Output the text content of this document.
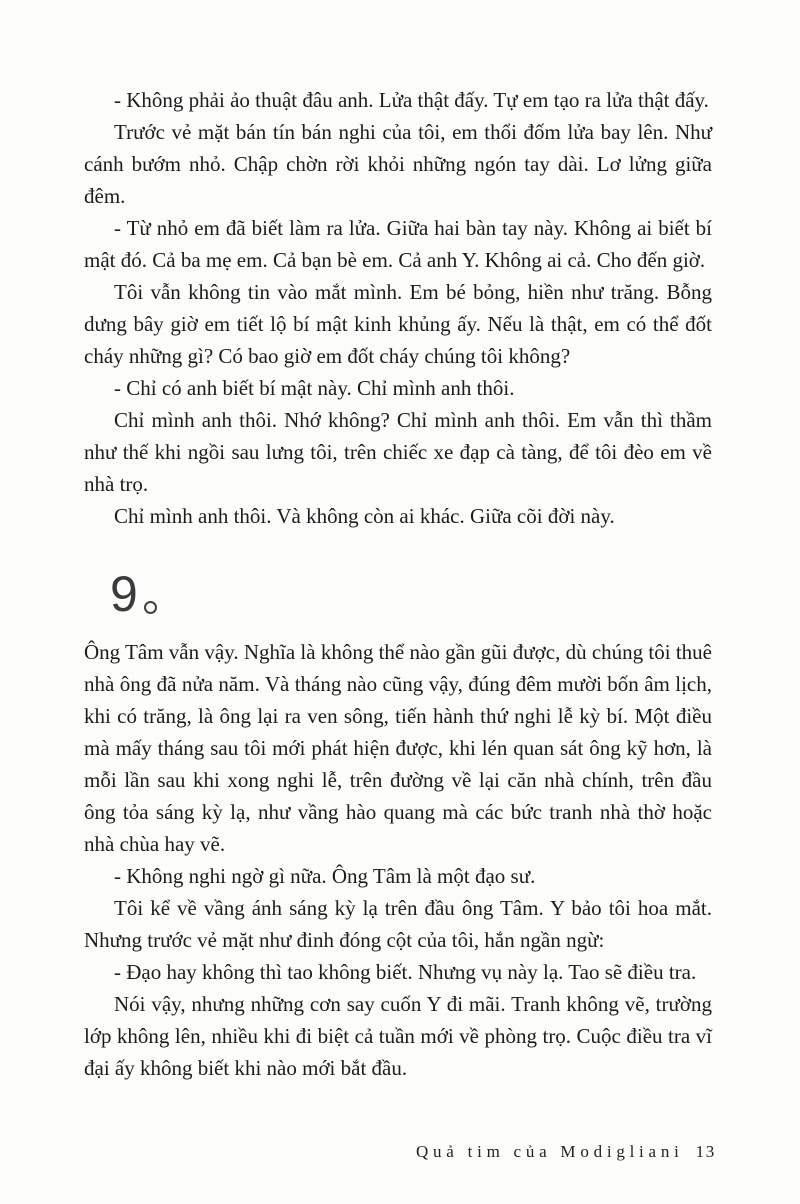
- Không phải ảo thuật đâu anh. Lửa thật đấy. Tự em tạo ra lửa thật đấy.

Trước vẻ mặt bán tín bán nghi của tôi, em thổi đốm lửa bay lên. Như cánh bướm nhỏ. Chập chờn rời khỏi những ngón tay dài. Lơ lửng giữa đêm.

- Từ nhỏ em đã biết làm ra lửa. Giữa hai bàn tay này. Không ai biết bí mật đó. Cả ba mẹ em. Cả bạn bè em. Cả anh Y. Không ai cả. Cho đến giờ.

Tôi vẫn không tin vào mắt mình. Em bé bỏng, hiền như trăng. Bỗng dưng bây giờ em tiết lộ bí mật kinh khủng ấy. Nếu là thật, em có thể đốt cháy những gì? Có bao giờ em đốt cháy chúng tôi không?

- Chỉ có anh biết bí mật này. Chỉ mình anh thôi.

Chỉ mình anh thôi. Nhớ không? Chỉ mình anh thôi. Em vẫn thì thầm như thế khi ngồi sau lưng tôi, trên chiếc xe đạp cà tàng, để tôi đèo em về nhà trọ.

Chỉ mình anh thôi. Và không còn ai khác. Giữa cõi đời này.

9

Ông Tâm vẫn vậy. Nghĩa là không thể nào gần gũi được, dù chúng tôi thuê nhà ông đã nửa năm. Và tháng nào cũng vậy, đúng đêm mười bốn âm lịch, khi có trăng, là ông lại ra ven sông, tiến hành thứ nghi lễ kỳ bí. Một điều mà mấy tháng sau tôi mới phát hiện được, khi lén quan sát ông kỹ hơn, là mỗi lần sau khi xong nghi lễ, trên đường về lại căn nhà chính, trên đầu ông tỏa sáng kỳ lạ, như vầng hào quang mà các bức tranh nhà thờ hoặc nhà chùa hay vẽ.

- Không nghi ngờ gì nữa. Ông Tâm là một đạo sư.

Tôi kể về vầng ánh sáng kỳ lạ trên đầu ông Tâm. Y bảo tôi hoa mắt. Nhưng trước vẻ mặt như đinh đóng cột của tôi, hắn ngần ngừ:

- Đạo hay không thì tao không biết. Nhưng vụ này lạ. Tao sẽ điều tra.

Nói vậy, nhưng những cơn say cuốn Y đi mãi. Tranh không vẽ, trường lớp không lên, nhiều khi đi biệt cả tuần mới về phòng trọ. Cuộc điều tra vĩ đại ấy không biết khi nào mới bắt đầu.

Quả tim của Modigliani 13
